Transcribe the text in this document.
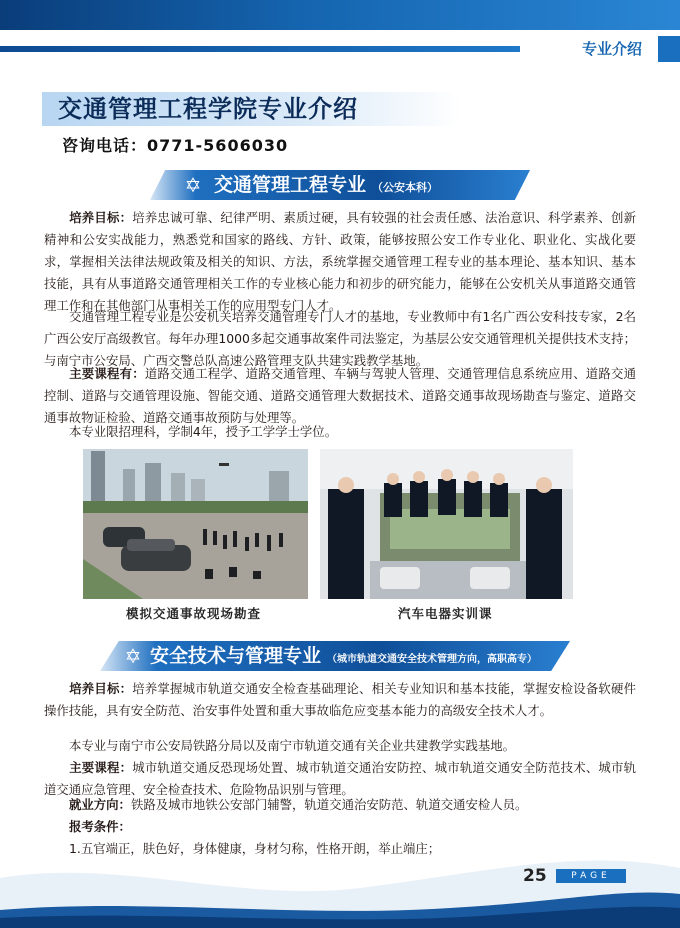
专业介绍
交通管理工程学院专业介绍
咨询电话：0771-5606030
✡ 交通管理工程专业 （公安本科）
培养目标：培养忠诚可靠、纪律严明、素质过硬，具有较强的社会责任感、法治意识、科学素养、创新精神和公安实战能力，熟悉党和国家的路线、方针、政策，能够按照公安工作专业化、职业化、实战化要求，掌握相关法律法规政策及相关的知识、方法，系统掌握交通管理工程专业的基本理论、基本知识、基本技能，具有从事道路交通管理相关工作的专业核心能力和初步的研究能力，能够在公安机关从事道路交通管理工作和在其他部门从事相关工作的应用型专门人才。
交通管理工程专业是公安机关培养交通管理专门人才的基地，专业教师中有1名广西公安科技专家，2名广西公安厅高级教官。每年办理1000多起交通事故案件司法鉴定，为基层公安交通管理机关提供技术支持；与南宁市公安局、广西交警总队高速公路管理支队共建实践教学基地。
主要课程有：道路交通工程学、道路交通管理、车辆与驾驶人管理、交通管理信息系统应用、道路交通控制、道路与交通管理设施、智能交通、道路交通管理大数据技术、道路交通事故现场勘查与鉴定、道路交通事故物证检验、道路交通事故预防与处理等。
本专业限招理科，学制4年，授予工学学士学位。
模拟交通事故现场勘查	汽车电器实训课
✡ 安全技术与管理专业 （城市轨道交通安全技术管理方向，高职高专）
培养目标：培养掌握城市轨道交通安全检查基础理论、相关专业知识和基本技能，掌握安检设备软硬件操作技能，具有安全防范、治安事件处置和重大事故临危应变基本能力的高级安全技术人才。
本专业与南宁市公安局铁路分局以及南宁市轨道交通有关企业共建教学实践基地。
主要课程：城市轨道交通反恐现场处置、城市轨道交通治安防控、城市轨道交通安全防范技术、城市轨道交通应急管理、安全检查技术、危险物品识别与管理。
就业方向：铁路及城市地铁公安部门辅警，轨道交通治安防范、轨道交通安检人员。
报考条件：
1.五官端正，肤色好，身体健康，身材匀称，性格开朗，举止端庄；
25	PAGE
